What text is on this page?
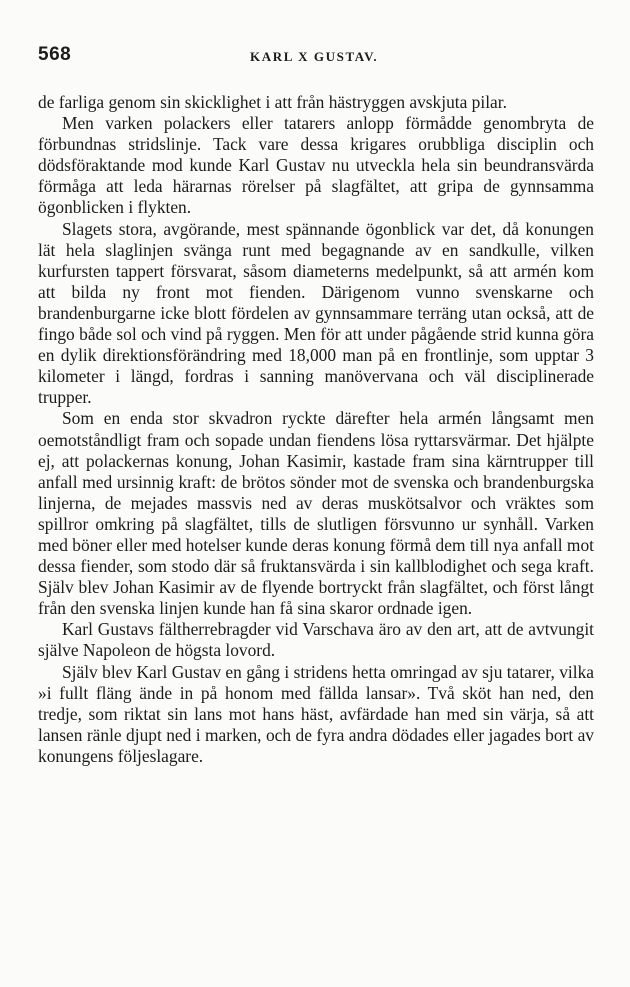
568	KARL X GUSTAV.

de farliga genom sin skicklighet i att från hästryggen avskjuta pilar.

Men varken polackers eller tatarers anlopp förmådde genombryta de förbundnas stridslinje. Tack vare dessa krigares orubbliga disciplin och dödsföraktande mod kunde Karl Gustav nu utveckla hela sin beundransvärda förmåga att leda härarnas rörelser på slagfältet, att gripa de gynnsamma ögonblicken i flykten.

Slagets stora, avgörande, mest spännande ögonblick var det, då konungen lät hela slaglinjen svänga runt med begagnande av en sandkulle, vilken kurfursten tappert försvarat, såsom diameterns medelpunkt, så att armén kom att bilda ny front mot fienden. Därigenom vunno svenskarne och brandenburgarne icke blott fördelen av gynnsammare terräng utan också, att de fingo både sol och vind på ryggen. Men för att under pågående strid kunna göra en dylik direktionsförändring med 18,000 man på en frontlinje, som upptar 3 kilometer i längd, fordras i sanning manövervana och väl disciplinerade trupper.

Som en enda stor skvadron ryckte därefter hela armén långsamt men oemotståndligt fram och sopade undan fiendens lösa ryttarsvärmar. Det hjälpte ej, att polackernas konung, Johan Kasimir, kastade fram sina kärntrupper till anfall med ursinnig kraft: de brötos sönder mot de svenska och brandenburgska linjerna, de mejades massvis ned av deras muskötsalvor och vräktes som spillror omkring på slagfältet, tills de slutligen försvunno ur synhåll. Varken med böner eller med hotelser kunde deras konung förmå dem till nya anfall mot dessa fiender, som stodo där så fruktansvärda i sin kallblodighet och sega kraft. Själv blev Johan Kasimir av de flyende bortryckt från slagfältet, och först långt från den svenska linjen kunde han få sina skaror ordnade igen.

Karl Gustavs fältherrebragder vid Varschava äro av den art, att de avtvungit själve Napoleon de högsta lovord.

Själv blev Karl Gustav en gång i stridens hetta omringad av sju tatarer, vilka »i fullt fläng ände in på honom med fällda lansar». Två sköt han ned, den tredje, som riktat sin lans mot hans häst, avfärdade han med sin värja, så att lansen ränle djupt ned i marken, och de fyra andra dödades eller jagades bort av konungens följeslagare.
